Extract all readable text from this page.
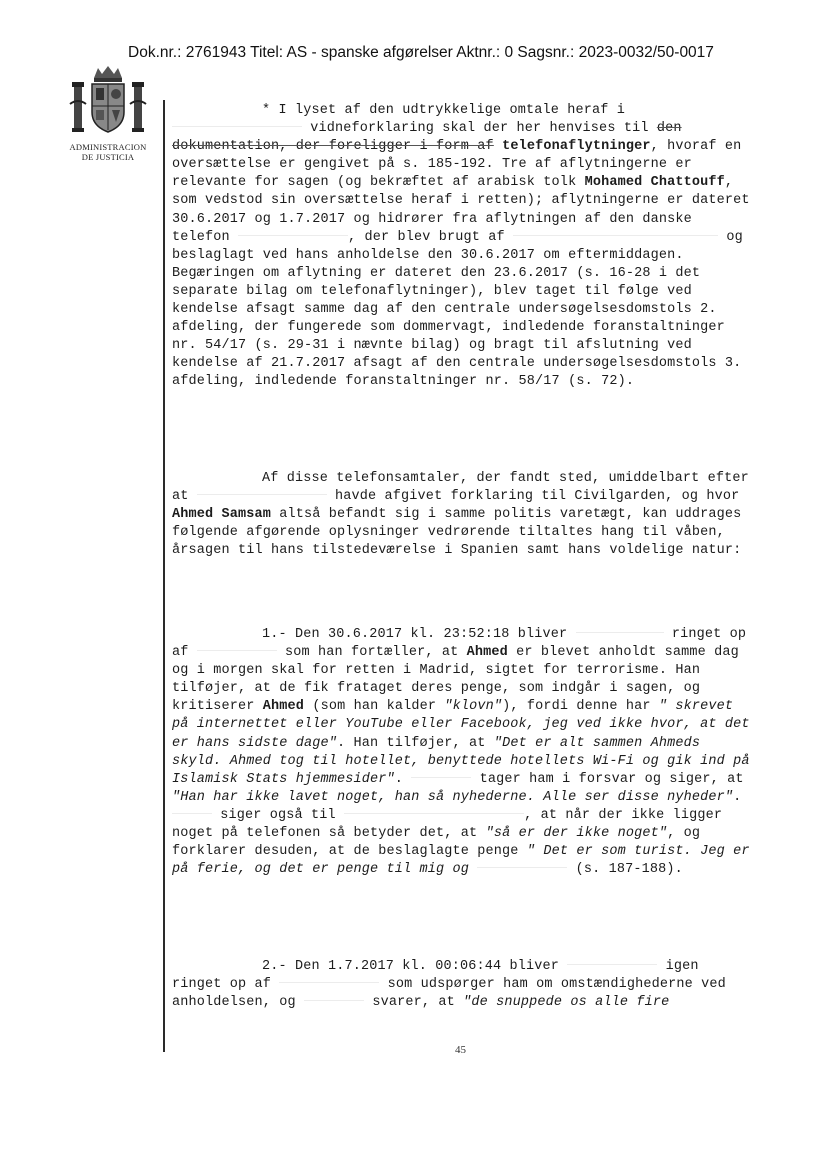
Dok.nr.: 2761943 Titel: AS - spanske afgørelser Aktnr.: 0 Sagsnr.: 2023-0032/50-0017
ADMINISTRACION
DE JUSTICIA

* I lyset af den udtrykkelige omtale heraf i  vidneforklaring skal der her henvises til den dokumentation, der foreligger i form af telefonaflytninger, hvoraf en oversættelse er gengivet på s. 185-192. Tre af aflytningerne er relevante for sagen (og bekræftet af arabisk tolk Mohamed Chattouff, som vedstod sin oversættelse heraf i retten); aflytningerne er dateret 30.6.2017 og 1.7.2017 og hidrører fra aflytningen af den danske telefon	, der blev brugt af	og beslaglagt ved hans anholdelse den 30.6.2017 om eftermiddagen. Begæringen om aflytning er dateret den 23.6.2017 (s. 16-28 i det separate bilag om telefonaflytninger), blev taget til følge ved kendelse afsagt samme dag af den centrale undersøgelsesdomstols 2. afdeling, der fungerede som dommervagt, indledende foranstaltninger nr. 54/17 (s. 29-31 i nævnte bilag) og bragt til afslutning ved kendelse af 21.7.2017 afsagt af den centrale undersøgelsesdomstols 3. afdeling, indledende foranstaltninger nr. 58/17 (s. 72).

Af disse telefonsamtaler, der fandt sted, umiddelbart efter at	havde afgivet forklaring til Civilgarden, og hvor Ahmed Samsam altså befandt sig i samme politis varetægt, kan uddrages følgende afgørende oplysninger vedrørende tiltaltes hang til våben, årsagen til hans tilstedeværelse i Spanien samt hans voldelige natur:

1.- Den 30.6.2017 kl. 23:52:18 bliver	ringet op af	som han fortæller, at Ahmed er blevet anholdt samme dag og i morgen skal for retten i Madrid, sigtet for terrorisme. Han tilføjer, at de fik frataget deres penge, som indgår i sagen, og kritiserer Ahmed (som han kalder "klovn"), fordi denne har " skrevet på internettet eller YouTube eller Facebook, jeg ved ikke hvor, at det er hans sidste dage". Han tilføjer, at "Det er alt sammen Ahmeds skyld. Ahmed tog til hotellet, benyttede hotellets Wi-Fi og gik ind på Islamisk Stats hjemmesider".	tager ham i forsvar og siger, at "Han har ikke lavet noget, han så nyhederne. Alle ser disse nyheder".  siger også til	, at når der ikke ligger noget på telefonen så betyder det, at "så er der ikke noget", og forklarer desuden, at de beslaglagte penge " Det er som turist. Jeg er på ferie, og det er penge til mig og	(s. 187-188).

2.- Den 1.7.2017 kl. 00:06:44 bliver	igen ringet op af	som udspørger ham om omstændighederne ved anholdelsen, og	svarer, at "de snuppede os alle fire

45
